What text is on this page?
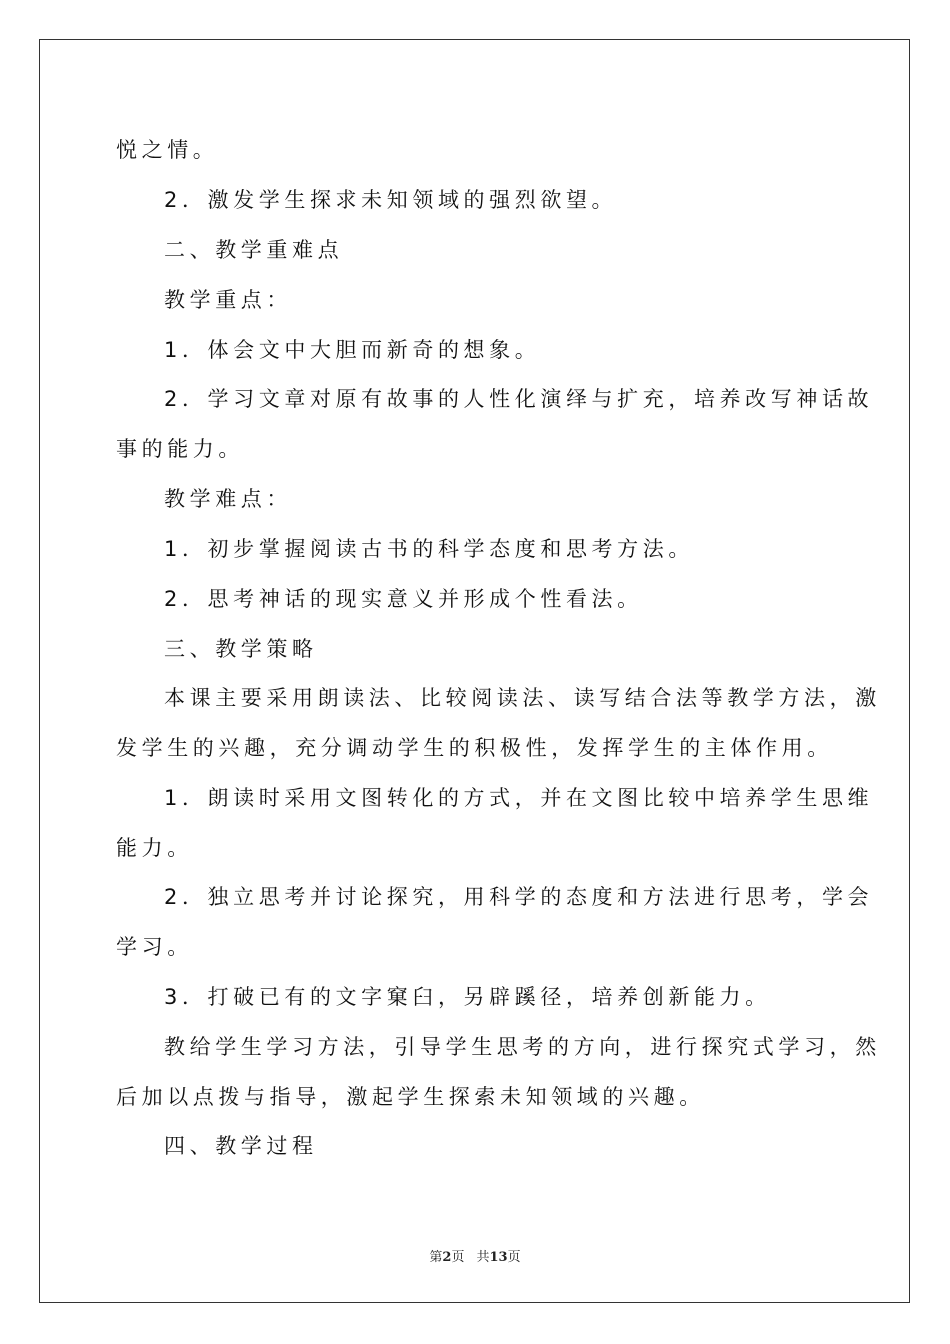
悦之情。
2．激发学生探求未知领域的强烈欲望。
二、教学重难点
教学重点：
1．体会文中大胆而新奇的想象。
2．学习文章对原有故事的人性化演绎与扩充，培养改写神话故
事的能力。
教学难点：
1．初步掌握阅读古书的科学态度和思考方法。
2．思考神话的现实意义并形成个性看法。
三、教学策略
本课主要采用朗读法、比较阅读法、读写结合法等教学方法，激
发学生的兴趣，充分调动学生的积极性，发挥学生的主体作用。
1．朗读时采用文图转化的方式，并在文图比较中培养学生思维
能力。
2．独立思考并讨论探究，用科学的态度和方法进行思考，学会
学习。
3．打破已有的文字窠臼，另辟蹊径，培养创新能力。
教给学生学习方法，引导学生思考的方向，进行探究式学习，然
后加以点拨与指导，激起学生探索未知领域的兴趣。
四、教学过程
第2页 共13页
